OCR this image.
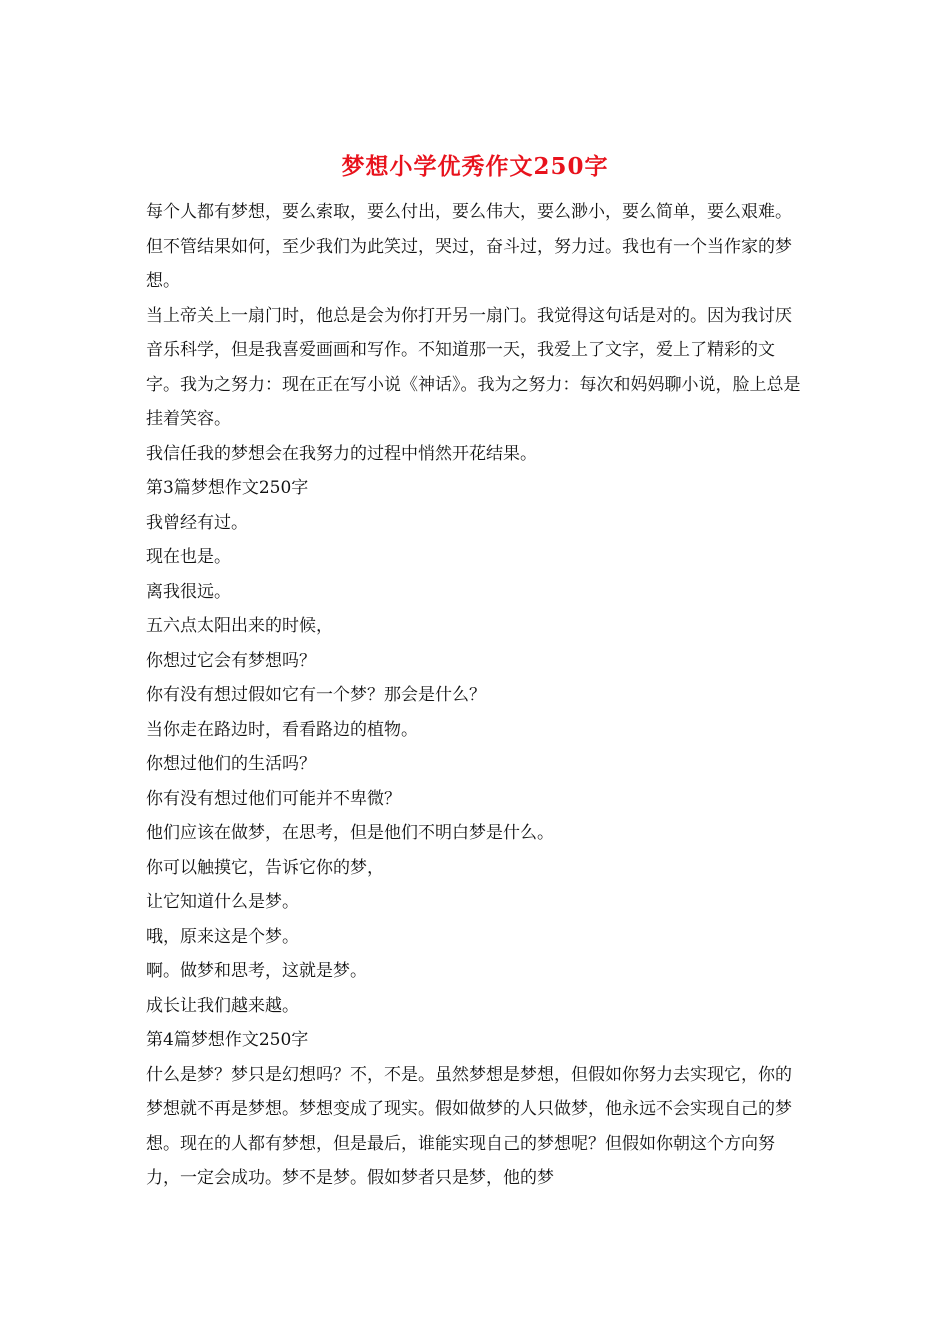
梦想小学优秀作文250字

每个人都有梦想，要么索取，要么付出，要么伟大，要么渺小，要么简单，要么艰难。但不管结果如何，至少我们为此笑过，哭过，奋斗过，努力过。我也有一个当作家的梦想。

当上帝关上一扇门时，他总是会为你打开另一扇门。我觉得这句话是对的。因为我讨厌音乐科学，但是我喜爱画画和写作。不知道那一天，我爱上了文字，爱上了精彩的文字。我为之努力：现在正在写小说《神话》。我为之努力：每次和妈妈聊小说，脸上总是挂着笑容。

我信任我的梦想会在我努力的过程中悄然开花结果。

第3篇梦想作文250字

我曾经有过。

现在也是。

离我很远。

五六点太阳出来的时候，

你想过它会有梦想吗？

你有没有想过假如它有一个梦？那会是什么？

当你走在路边时，看看路边的植物。

你想过他们的生活吗？

你有没有想过他们可能并不卑微？

他们应该在做梦，在思考，但是他们不明白梦是什么。

你可以触摸它，告诉它你的梦，

让它知道什么是梦。

哦，原来这是个梦。

啊。做梦和思考，这就是梦。

成长让我们越来越。

第4篇梦想作文250字

什么是梦？梦只是幻想吗？不，不是。虽然梦想是梦想，但假如你努力去实现它，你的梦想就不再是梦想。梦想变成了现实。假如做梦的人只做梦，他永远不会实现自己的梦想。现在的人都有梦想，但是最后，谁能实现自己的梦想呢？但假如你朝这个方向努力，一定会成功。梦不是梦。假如梦者只是梦，他的梦
